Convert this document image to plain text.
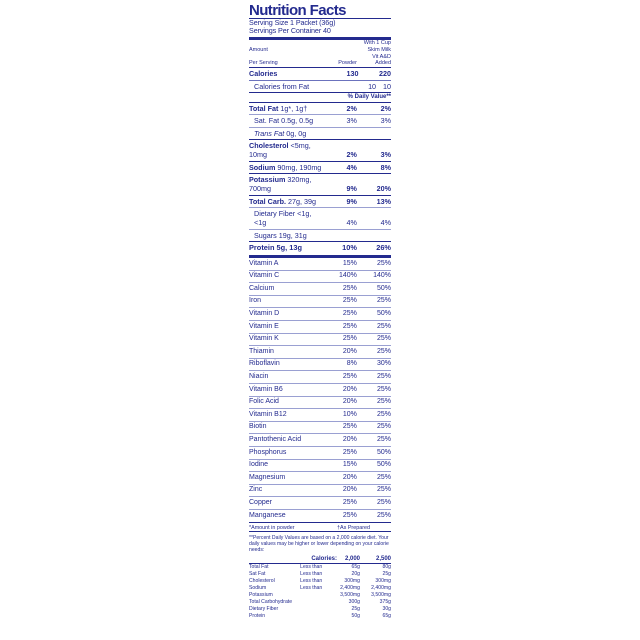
Nutrition Facts
Serving Size 1 Packet (36g)
Servings Per Container 40
		With 1 Cup
Amount		Skim Milk
Per Serving	Powder	Vit A&D Added
Calories	130	220
Calories from Fat	10	10
% Daily Value**
Total Fat 1g*, 1g†	2%	2%

Sat. Fat 0.5g, 0.5g	3%	3%

Trans Fat 0g, 0g		

Cholesterol <5mg, 10mg	2%	3%

Sodium 90mg, 190mg	4%	8%

Potassium 320mg, 700mg	9%	20%

Total Carb. 27g, 39g	9%	13%

Dietary Fiber <1g, <1g	4%	4%

Sugars 19g, 31g		

Protein 5g, 13g	10%	26%
Vitamin A	15%	25%
Vitamin C	140%	140%
Calcium	25%	50%
Iron	25%	25%
Vitamin D	25%	50%
Vitamin E	25%	25%
Vitamin K	25%	25%
Thiamin	20%	25%
Riboflavin	8%	30%
Niacin	25%	25%
Vitamin B6	20%	25%
Folic Acid	20%	25%
Vitamin B12	10%	25%
Biotin	25%	25%
Pantothenic Acid	20%	25%
Phosphorus	25%	50%
Iodine	15%	50%
Magnesium	20%	25%
Zinc	20%	25%
Copper	25%	25%
Manganese	25%	25%
*Amount in powder	†As Prepared
**Percent Daily Values are based on a 2,000 calorie diet. Your daily values may be higher or lower depending on your calorie needs:
	Calories:	2,000	2,500

Total Fat	Less than	65g	80g
Sat Fat	Less than	20g	25g
Cholesterol	Less than	300mg	300mg
Sodium	Less than	2,400mg	2,400mg
Potassium		3,500mg	3,500mg
Total Carbohydrate		300g	375g
Dietary Fiber		25g	30g
Protein		50g	65g
